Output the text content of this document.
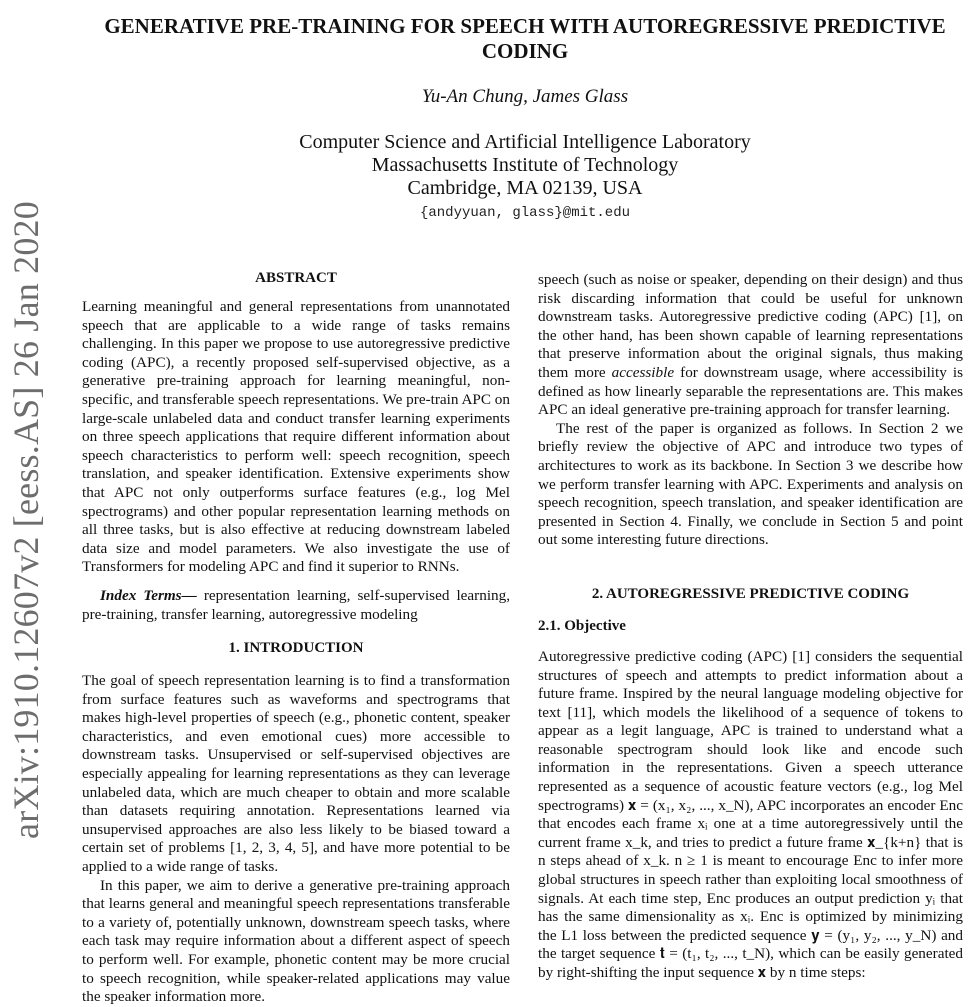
arXiv:1910.12607v2 [eess.AS] 26 Jan 2020
GENERATIVE PRE-TRAINING FOR SPEECH WITH AUTOREGRESSIVE PREDICTIVE CODING
Yu-An Chung, James Glass
Computer Science and Artificial Intelligence Laboratory
Massachusetts Institute of Technology
Cambridge, MA 02139, USA
{andyyuan, glass}@mit.edu
ABSTRACT

Learning meaningful and general representations from unannotated speech that are applicable to a wide range of tasks remains challenging. In this paper we propose to use autoregressive predictive coding (APC), a recently proposed self-supervised objective, as a generative pre-training approach for learning meaningful, non-specific, and transferable speech representations. We pre-train APC on large-scale unlabeled data and conduct transfer learning experiments on three speech applications that require different information about speech characteristics to perform well: speech recognition, speech translation, and speaker identification. Extensive experiments show that APC not only outperforms surface features (e.g., log Mel spectrograms) and other popular representation learning methods on all three tasks, but is also effective at reducing downstream labeled data size and model parameters. We also investigate the use of Transformers for modeling APC and find it superior to RNNs.

Index Terms— representation learning, self-supervised learning, pre-training, transfer learning, autoregressive modeling

1. INTRODUCTION

The goal of speech representation learning is to find a transformation from surface features such as waveforms and spectrograms that makes high-level properties of speech (e.g., phonetic content, speaker characteristics, and even emotional cues) more accessible to downstream tasks. Unsupervised or self-supervised objectives are especially appealing for learning representations as they can leverage unlabeled data, which are much cheaper to obtain and more scalable than datasets requiring annotation. Representations learned via unsupervised approaches are also less likely to be biased toward a certain set of problems [1, 2, 3, 4, 5], and have more potential to be applied to a wide range of tasks.

In this paper, we aim to derive a generative pre-training approach that learns general and meaningful speech representations transferable to a variety of, potentially unknown, downstream speech tasks, where each task may require information about a different aspect of speech to perform well. For example, phonetic content may be more crucial to speech recognition, while speaker-related applications may value the speaker information more.

speech (such as noise or speaker, depending on their design) and thus risk discarding information that could be useful for unknown downstream tasks. Autoregressive predictive coding (APC) [1], on the other hand, has been shown capable of learning representations that preserve information about the original signals, thus making them more accessible for downstream usage, where accessibility is defined as how linearly separable the representations are. This makes APC an ideal generative pre-training approach for transfer learning.

The rest of the paper is organized as follows. In Section 2 we briefly review the objective of APC and introduce two types of architectures to work as its backbone. In Section 3 we describe how we perform transfer learning with APC. Experiments and analysis on speech recognition, speech translation, and speaker identification are presented in Section 4. Finally, we conclude in Section 5 and point out some interesting future directions.

2. AUTOREGRESSIVE PREDICTIVE CODING
2.1. Objective

Autoregressive predictive coding (APC) [1] considers the sequential structures of speech and attempts to predict information about a future frame. Inspired by the neural language modeling objective for text [11], which models the likelihood of a sequence of tokens to appear as a legit language, APC is trained to understand what a reasonable spectrogram should look like and encode such information in the representations. Given a speech utterance represented as a sequence of acoustic feature vectors (e.g., log Mel spectrograms) 𝐱 = (x₁, x₂, ..., x_N), APC incorporates an encoder Enc that encodes each frame xᵢ one at a time autoregressively until the current frame x_k, and tries to predict a future frame 𝐱_{k+n} that is n steps ahead of x_k. n ≥ 1 is meant to encourage Enc to infer more global structures in speech rather than exploiting local smoothness of signals. At each time step, Enc produces an output prediction yᵢ that has the same dimensionality as xᵢ. Enc is optimized by minimizing the L1 loss between the predicted sequence 𝐲 = (y₁, y₂, ..., y_N) and the target sequence 𝐭 = (t₁, t₂, ..., t_N), which can be easily generated by right-shifting the input sequence 𝐱 by n time steps:
